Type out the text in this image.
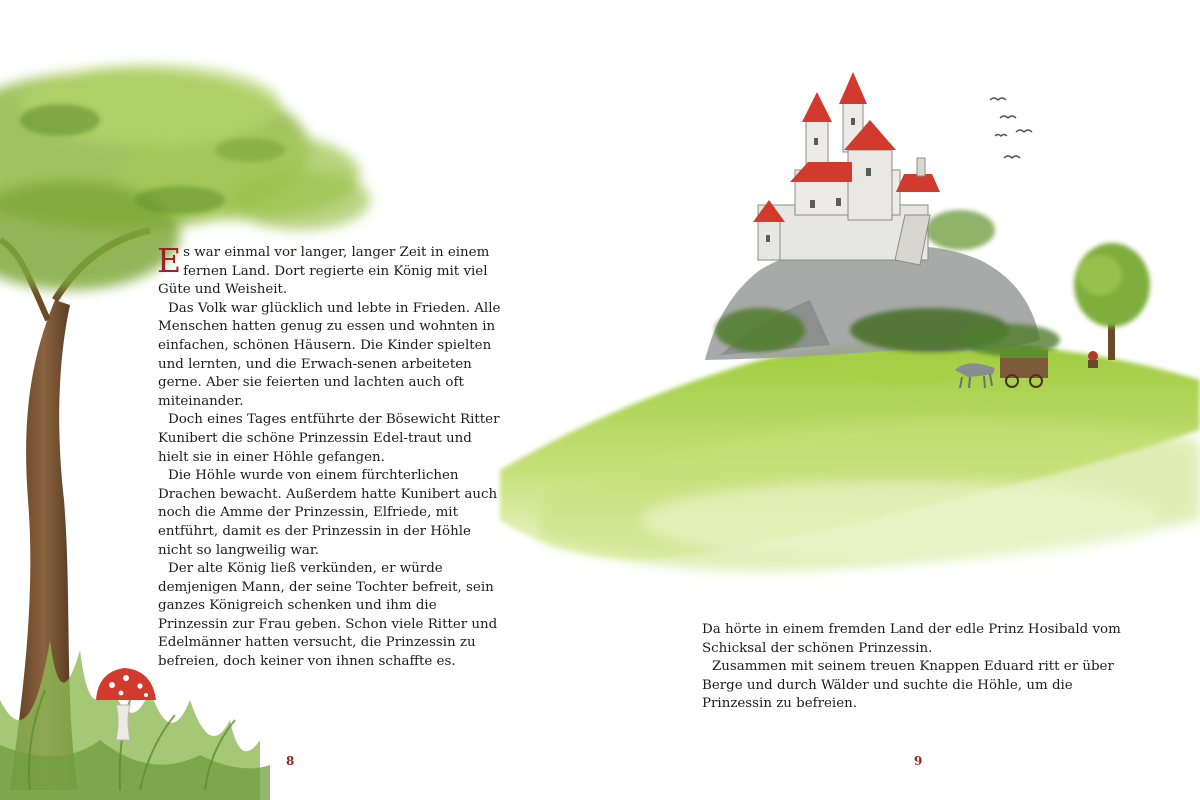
Es war einmal vor langer, langer Zeit in einem fernen Land. Dort regierte ein König mit viel Güte und Weisheit.

Das Volk war glücklich und lebte in Frieden. Alle Menschen hatten genug zu essen und wohnten in einfachen, schönen Häusern. Die Kinder spielten und lernten, und die Erwach-senen arbeiteten gerne. Aber sie feierten und lachten auch oft miteinander.

Doch eines Tages entführte der Bösewicht Ritter Kunibert die schöne Prinzessin Edel-traut und hielt sie in einer Höhle gefangen.

Die Höhle wurde von einem fürchterlichen Drachen bewacht. Außerdem hatte Kunibert auch noch die Amme der Prinzessin, Elfriede, mit entführt, damit es der Prinzessin in der Höhle nicht so langweilig war.

Der alte König ließ verkünden, er würde demjenigen Mann, der seine Tochter befreit, sein ganzes Königreich schenken und ihm die Prinzessin zur Frau geben. Schon viele Ritter und Edelmänner hatten versucht, die Prinzessin zu befreien, doch keiner von ihnen schaffte es.

Da hörte in einem fremden Land der edle Prinz Hosibald vom Schicksal der schönen Prinzessin.

Zusammen mit seinem treuen Knappen Eduard ritt er über Berge und durch Wälder und suchte die Höhle, um die Prinzessin zu befreien.

8	9
